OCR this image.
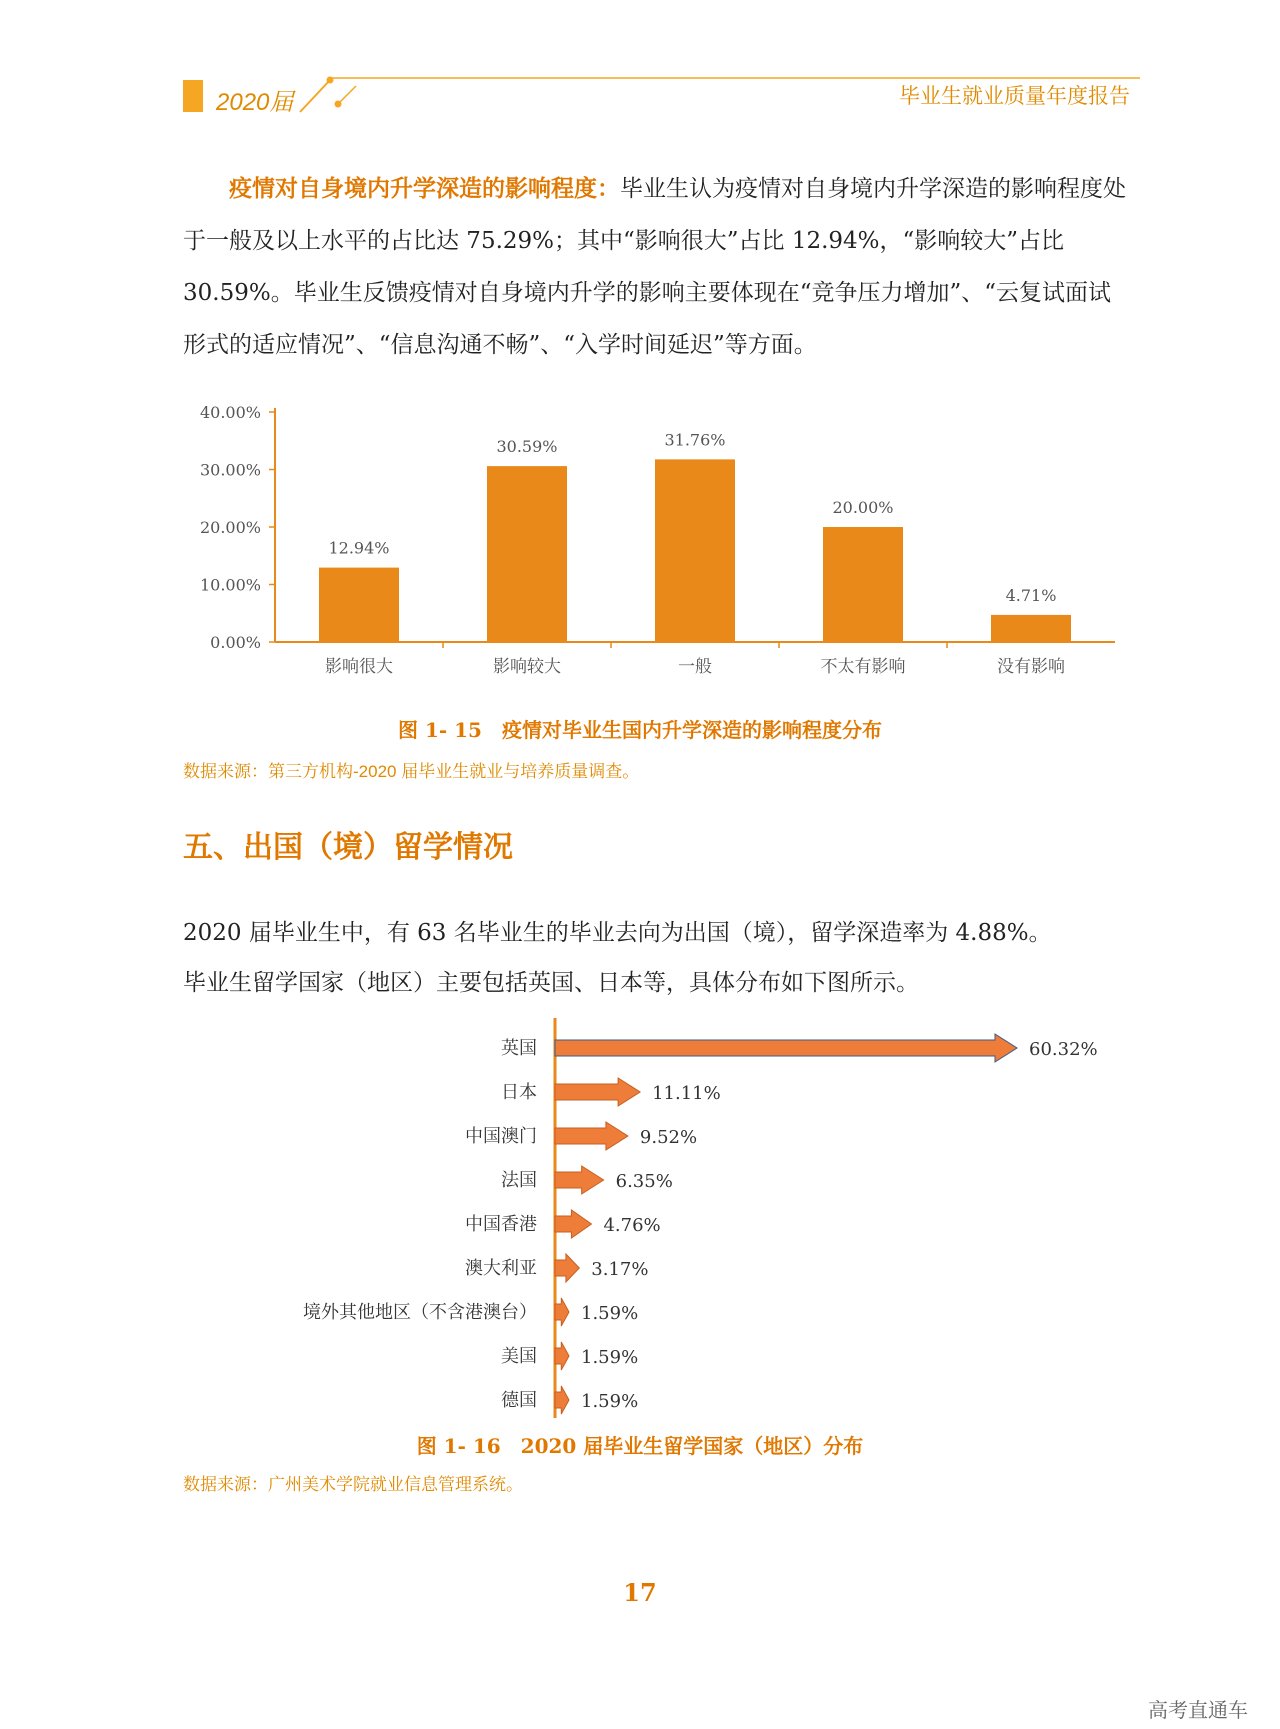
2020届	毕业生就业质量年度报告
疫情对自身境内升学深造的影响程度：毕业生认为疫情对自身境内升学深造的影响程度处于一般及以上水平的占比达 75.29%；其中“影响很大”占比 12.94%，“影响较大”占比 30.59%。毕业生反馈疫情对自身境内升学的影响主要体现在“竞争压力增加”、“云复试面试形式的适应情况”、“信息沟通不畅”、“入学时间延迟”等方面。
0.00%
10.00%
20.00%
30.00%
40.00%
12.94%
影响很大
30.59%
影响较大
31.76%
一般
20.00%
不太有影响
4.71%
没有影响
图 1- 15　疫情对毕业生国内升学深造的影响程度分布
数据来源：第三方机构-2020 届毕业生就业与培养质量调查。
五、出国（境）留学情况
2020 届毕业生中，有 63 名毕业生的毕业去向为出国（境），留学深造率为 4.88%。
毕业生留学国家（地区）主要包括英国、日本等，具体分布如下图所示。
英国	60.32%
日本	11.11%
中国澳门	9.52%
法国	6.35%
中国香港	4.76%
澳大利亚	3.17%
境外其他地区（不含港澳台） 1.59%
美国 1.59%
德国 1.59%
图 1- 16　2020 届毕业生留学国家（地区）分布
数据来源：广州美术学院就业信息管理系统。
17
高考直通车
